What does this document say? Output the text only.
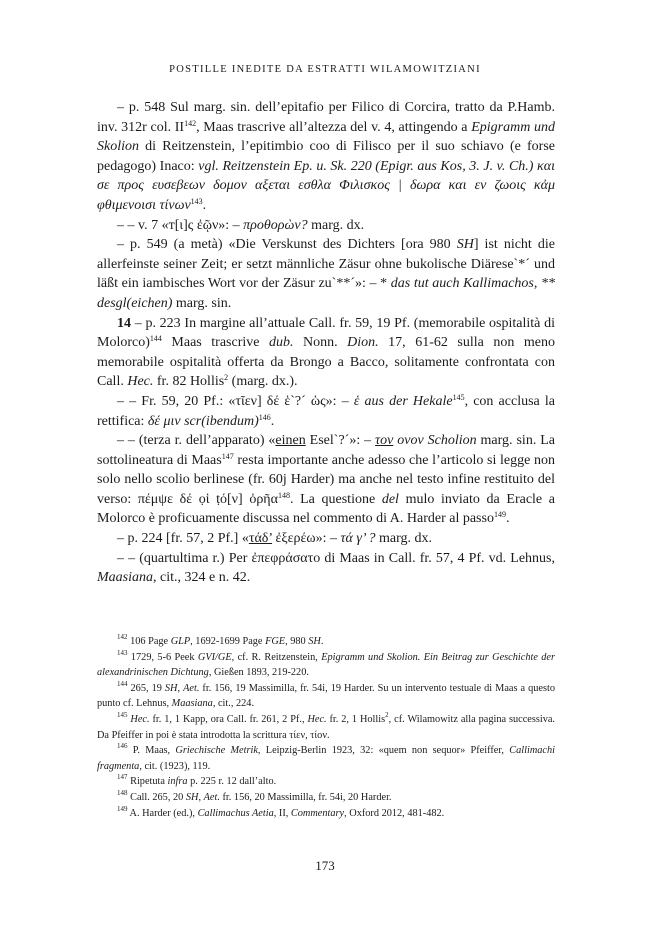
POSTILLE INEDITE DA ESTRATTI WILAMOWITZIANI

– p. 548 Sul marg. sin. dell’epitafio per Filico di Corcira, tratto da P.Hamb. inv. 312r col. II$^{142}$, Maas trascrive all’altezza del v. 4, attingendo a Epigramm und Skolion di Reitzenstein, l’epitimbio coo di Filisco per il suo schiavo (e forse pedagogo) Inaco: vgl. Reitzenstein Ep. u. Sk. 220 (Epigr. aus Kos, 3. J. v. Ch.) και σε προς ευσεβεων δομον αξεται εσθλα Φιλισκος | δωρα και εν ζωοις κἀμ φθιμενοισι τίνων$^{143}$.

– – v. 7 «ᴛ[ι]ς ἐῷν»: – προθορὼν? marg. dx.

– p. 549 (a metà) «Die Verskunst des Dichters [ora 980 SH] ist nicht die allerfeinste seiner Zeit; er setzt männliche Zäsur ohne bukolische Diärese`*´ und läßt ein iambisches Wort vor der Zäsur zu`**´»: – * das tut auch Kallimachos, ** desgl(eichen) marg. sin.

14 – p. 223 In margine all’attuale Call. fr. 59, 19 Pf. (memorabile ospitalità di Molorco)$^{144}$ Maas trascrive dub. Nonn. Dion. 17, 61-62 sulla non meno memorabile ospitalità offerta da Brongo a Bacco, solitamente confrontata con Call. Hec. fr. 82 Hollis$^2$ (marg. dx.).

– – Fr. 59, 20 Pf.: «τῖεν] δέ ἑ`?´ ὡς»: – ἑ aus der Hekale$^{145}$, con acclusa la rettifica: δέ μιν scr(ibendum)$^{146}$.

– – (terza r. dell’apparato) «einen Esel`?´»: – τον ονον Scholion marg. sin. La sottolineatura di Maas$^{147}$ resta importante anche adesso che l’articolo si legge non solo nello scolio berlinese (fr. 60j Harder) ma anche nel testo infine restituito del verso: πέμψε δέ ọἱ ṭό[ν] ὀρῆα$^{148}$. La questione del mulo inviato da Eracle a Molorco è proficuamente discussa nel commento di A. Harder al passo$^{149}$.

– p. 224 [fr. 57, 2 Pf.] «τάδ’ ἐξερέω»: – τά γ’ ? marg. dx.

– – (quartultima r.) Per ἐπεφράσατο di Maas in Call. fr. 57, 4 Pf. vd. Lehnus, Maasiana, cit., 324 e n. 42.

$^{142}$ 106 Page GLP, 1692-1699 Page FGE, 980 SH.

$^{143}$ 1729, 5-6 Peek GVI/GE, cf. R. Reitzenstein, Epigramm und Skolion. Ein Beitrag zur Geschichte der alexandrinischen Dichtung, Gießen 1893, 219-220.

$^{144}$ 265, 19 SH, Aet. fr. 156, 19 Massimilla, fr. 54i, 19 Harder. Su un intervento testuale di Maas a questo punto cf. Lehnus, Maasiana, cit., 224.

$^{145}$ Hec. fr. 1, 1 Kapp, ora Call. fr. 261, 2 Pf., Hec. fr. 2, 1 Hollis$^2$, cf. Wilamowitz alla pagina successiva. Da Pfeiffer in poi è stata introdotta la scrittura τίεν, τίον.

$^{146}$ P. Maas, Griechische Metrik, Leipzig-Berlin 1923, 32: «quem non sequor» Pfeiffer, Callimachi fragmenta, cit. (1923), 119.

$^{147}$ Ripetuta infra p. 225 r. 12 dall’alto.

$^{148}$ Call. 265, 20 SH, Aet. fr. 156, 20 Massimilla, fr. 54i, 20 Harder.

$^{149}$ A. Harder (ed.), Callimachus Aetia, II, Commentary, Oxford 2012, 481-482.

173
